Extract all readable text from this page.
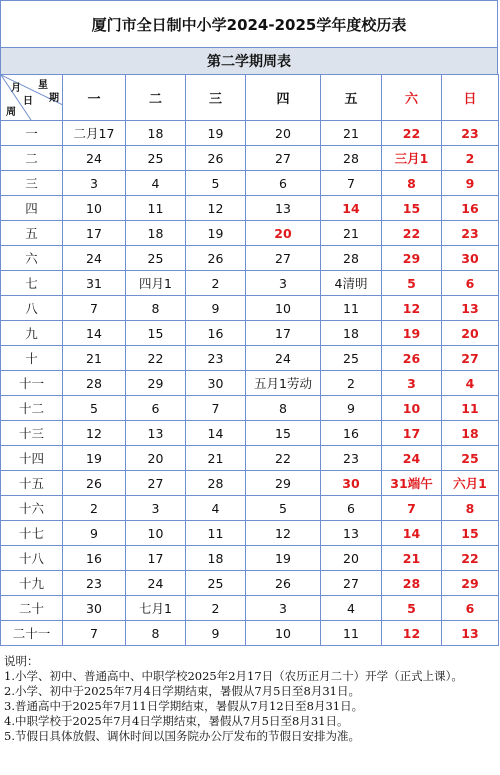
厦门市全日制中小学2024-2025学年度校历表
第二学期周表
月
日
周
星
期	一	二	三	四	五	六	日
一	二月17	18	19	20	21	22	23
二	24	25	26	27	28	三月1	2
三	3	4	5	6	7	8	9
四	10	11	12	13	14	15	16
五	17	18	19	20	21	22	23
六	24	25	26	27	28	29	30
七	31	四月1	2	3	4清明	5	6
八	7	8	9	10	11	12	13
九	14	15	16	17	18	19	20
十	21	22	23	24	25	26	27
十一	28	29	30	五月1劳动	2	3	4
十二	5	6	7	8	9	10	11
十三	12	13	14	15	16	17	18
十四	19	20	21	22	23	24	25
十五	26	27	28	29	30	31端午	六月1
十六	2	3	4	5	6	7	8
十七	9	10	11	12	13	14	15
十八	16	17	18	19	20	21	22
十九	23	24	25	26	27	28	29
二十	30	七月1	2	3	4	5	6
二十一	7	8	9	10	11	12	13
说明：
1.小学、初中、普通高中、中职学校2025年2月17日（农历正月二十）开学（正式上课）。
2.小学、初中于2025年7月4日学期结束，暑假从7月5日至8月31日。
3.普通高中于2025年7月11日学期结束，暑假从7月12日至8月31日。
4.中职学校于2025年7月4日学期结束，暑假从7月5日至8月31日。
5.节假日具体放假、调休时间以国务院办公厅发布的节假日安排为准。
